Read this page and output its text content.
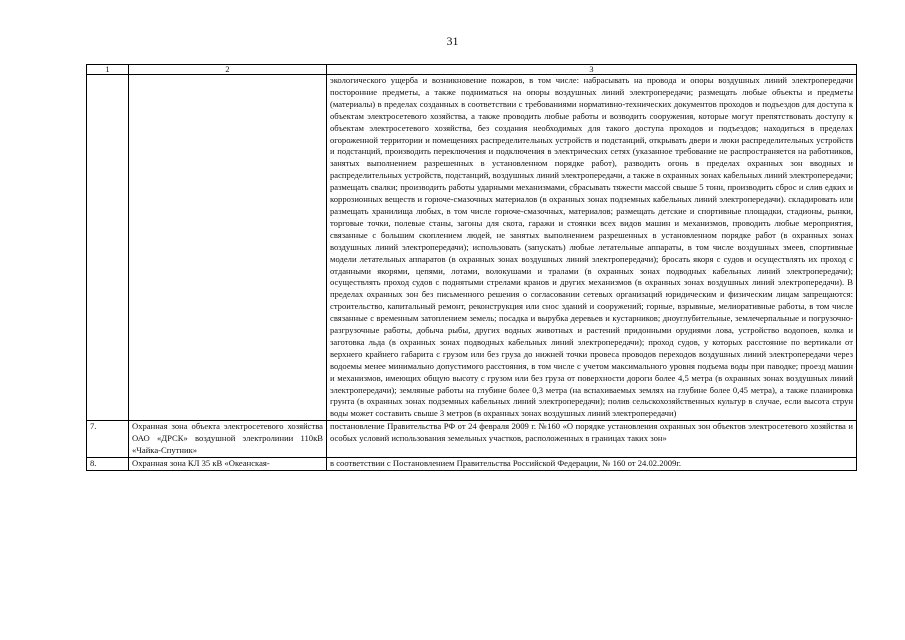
31
1	2	3
		экологического ущерба и возникновение пожаров, в том числе: набрасывать на провода и опоры воздушных линий электропередачи посторонние предметы, а также подниматься на опоры воздушных линий электропередачи; размещать любые объекты и предметы (материалы) в пределах созданных в соответствии с требованиями нормативно-технических документов проходов и подъездов для доступа к объектам электросетевого хозяйства, а также проводить любые работы и возводить сооружения, которые могут препятствовать доступу к объектам электросетевого хозяйства, без создания необходимых для такого доступа проходов и подъездов; находиться в пределах огороженной территории и помещениях распределительных устройств и подстанций, открывать двери и люки распределительных устройств и подстанций, производить переключения и подключения в электрических сетях (указанное требование не распространяется на работников, занятых выполнением разрешенных в установленном порядке работ), разводить огонь в пределах охранных зон вводных и распределительных устройств, подстанций, воздушных линий электропередачи, а также в охранных зонах кабельных линий электропередачи; размещать свалки; производить работы ударными механизмами, сбрасывать тяжести массой свыше 5 тонн, производить сброс и слив едких и коррозионных веществ и горюче-смазочных материалов (в охранных зонах подземных кабельных линий электропередачи). складировать или размещать хранилища любых, в том числе горюче-смазочных, материалов; размещать детские и спортивные площадки, стадионы, рынки, торговые точки, полевые станы, загоны для скота, гаражи и стоянки всех видов машин и механизмов, проводить любые мероприятия, связанные с большим скоплением людей, не занятых выполнением разрешенных в установленном порядке работ (в охранных зонах воздушных линий электропередачи); использовать (запускать) любые летательные аппараты, в том числе воздушных змеев, спортивные модели летательных аппаратов (в охранных зонах воздушных линий электропередачи); бросать якоря с судов и осуществлять их проход с отданными якорями, цепями, лотами, волокушами и тралами (в охранных зонах подводных кабельных линий электропередачи); осуществлять проход судов с поднятыми стрелами кранов и других механизмов (в охранных зонах воздушных линий электропередачи). В пределах охранных зон без письменного решения о согласовании сетевых организаций юридическим и физическим лицам запрещаются: строительство, капитальный ремонт, реконструкция или снос зданий и сооружений; горные, взрывные, мелиоративные работы, в том числе связанные с временным затоплением земель; посадка и вырубка деревьев и кустарников; дноуглубительные, землечерпальные и погрузочно-разгрузочные работы, добыча рыбы, других водных животных и растений придонными орудиями лова, устройство водопоев, колка и заготовка льда (в охранных зонах подводных кабельных линий электропередачи); проход судов, у которых расстояние по вертикали от верхнего крайнего габарита с грузом или без груза до нижней точки провеса проводов переходов воздушных линий электропередачи через водоемы менее минимально допустимого расстояния, в том числе с учетом максимального уровня подъема воды при паводке; проезд машин и механизмов, имеющих общую высоту с грузом или без груза от поверхности дороги более 4,5 метра (в охранных зонах воздушных линий электропередачи); земляные работы на глубине более 0,3 метра (на вспахиваемых землях на глубине более 0,45 метра), а также планировка грунта (в охранных зонах подземных кабельных линий электропередачи); полив сельскохозяйственных культур в случае, если высота струн воды может составить свыше 3 метров (в охранных зонах воздушных линий электропередачи)
7.	Охранная зона объекта электросетевого хозяйства ОАО «ДРСК» воздушной электролинии 110кВ «Чайка-Спутник»	постановление Правительства РФ от 24 февраля 2009 г. №160 «О порядке установления охранных зон объектов электросетевого хозяйства и особых условий использования земельных участков, расположенных в границах таких зон»
8.	Охранная зона КЛ 35 кВ «Океанская-	в соответствии с Постановлением Правительства Российской Федерации, № 160 от 24.02.2009г.
